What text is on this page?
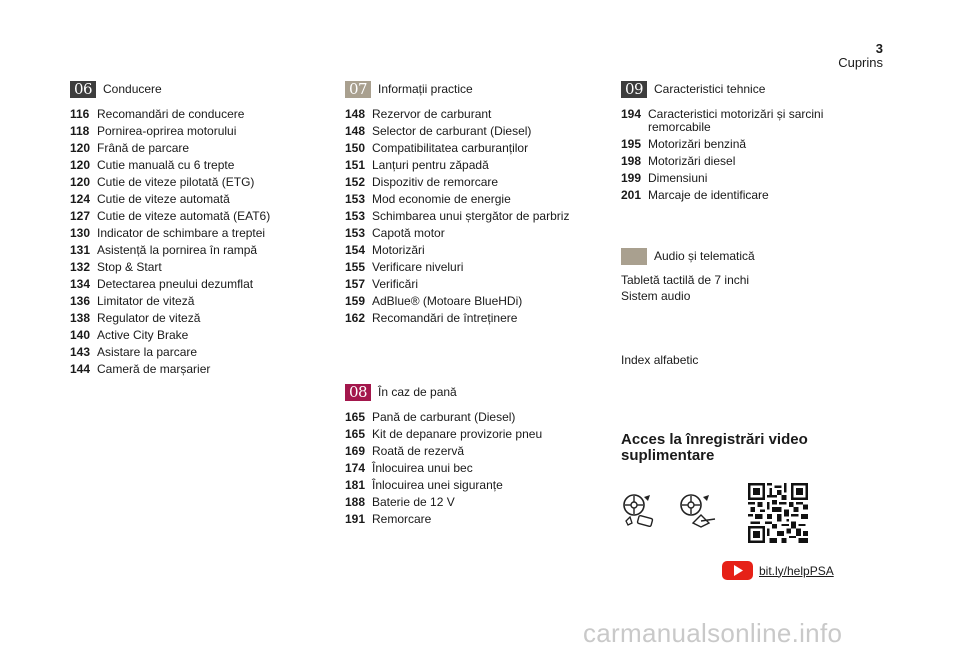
3
Cuprins
06 Conducere
116 Recomandări de conducere
118 Pornirea-oprirea motorului
120 Frână de parcare
120 Cutie manuală cu 6 trepte
120 Cutie de viteze pilotată (ETG)
124 Cutie de viteze automată
127 Cutie de viteze automată (EAT6)
130 Indicator de schimbare a treptei
131 Asistență la pornirea în rampă
132 Stop & Start
134 Detectarea pneului dezumflat
136 Limitator de viteză
138 Regulator de viteză
140 Active City Brake
143 Asistare la parcare
144 Cameră de marșarier
07 Informații practice
148 Rezervor de carburant
148 Selector de carburant (Diesel)
150 Compatibilitatea carburanților
151 Lanțuri pentru zăpadă
152 Dispozitiv de remorcare
153 Mod economie de energie
153 Schimbarea unui ștergător de parbriz
153 Capotă motor
154 Motorizări
155 Verificare niveluri
157 Verificări
159 AdBlue® (Motoare BlueHDi)
162 Recomandări de întreținere
08 În caz de pană
165 Pană de carburant (Diesel)
165 Kit de depanare provizorie pneu
169 Roată de rezervă
174 Înlocuirea unui bec
181 Înlocuirea unei siguranțe
188 Baterie de 12 V
191 Remorcare
09 Caracteristici tehnice
194 Caracteristici motorizări și sarcini remorcabile
195 Motorizări benzină
198 Motorizări diesel
199 Dimensiuni
201 Marcaje de identificare
Audio și telematică
Tabletă tactilă de 7 inchi
Sistem audio
Index alfabetic
Acces la înregistrări video suplimentare
bit.ly/helpPSA
carmanualsonline.info
